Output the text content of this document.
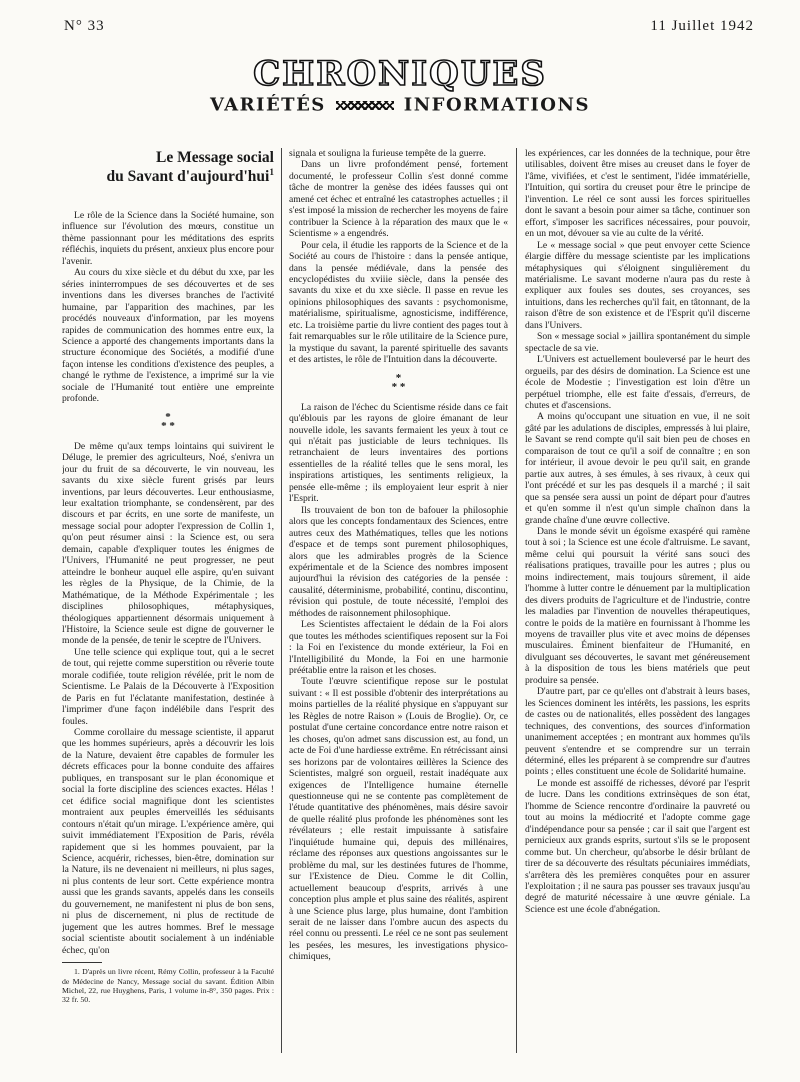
N° 33	11 Juillet 1942
CHRONIQUES
VARIÉTÉS	INFORMATIONS
Le Message social
du Savant d'aujourd'hui$^1$

Le rôle de la Science dans la Société humaine, son influence sur l'évolution des mœurs, constitue un thème passionnant pour les méditations des esprits réfléchis, inquiets du présent, anxieux plus encore pour l'avenir.

Au cours du xixe siècle et du début du xxe, par les séries ininterrompues de ses découvertes et de ses inventions dans les diverses branches de l'activité humaine, par l'apparition des machines, par les procédés nouveaux d'information, par les moyens rapides de communication des hommes entre eux, la Science a apporté des changements importants dans la structure économique des Sociétés, a modifié d'une façon intense les conditions d'existence des peuples, a changé le rythme de l'existence, a imprimé sur la vie sociale de l'Humanité tout entière une empreinte profonde.

*
* *

De même qu'aux temps lointains qui suivirent le Déluge, le premier des agriculteurs, Noé, s'enivra un jour du fruit de sa découverte, le vin nouveau, les savants du xixe siècle furent grisés par leurs inventions, par leurs découvertes. Leur enthousiasme, leur exaltation triomphante, se condensèrent, par des discours et par écrits, en une sorte de manifeste, un message social pour adopter l'expression de Collin 1, qu'on peut résumer ainsi : la Science est, ou sera demain, capable d'expliquer toutes les énigmes de l'Univers, l'Humanité ne peut progresser, ne peut atteindre le bonheur auquel elle aspire, qu'en suivant les règles de la Physique, de la Chimie, de la Mathématique, de la Méthode Expérimentale ; les disciplines philosophiques, métaphysiques, théologiques appartiennent désormais uniquement à l'Histoire, la Science seule est digne de gouverner le monde de la pensée, de tenir le sceptre de l'Univers.

Une telle science qui explique tout, qui a le secret de tout, qui rejette comme superstition ou rêverie toute morale codifiée, toute religion révélée, prit le nom de Scientisme. Le Palais de la Découverte à l'Exposition de Paris en fut l'éclatante manifestation, destinée à l'imprimer d'une façon indélébile dans l'esprit des foules.

Comme corollaire du message scientiste, il apparut que les hommes supérieurs, après a découvrir les lois de la Nature, devaient être capables de formuler les décrets efficaces pour la bonne conduite des affaires publiques, en transposant sur le plan économique et social la forte discipline des sciences exactes. Hélas ! cet édifice social magnifique dont les scientistes montraient aux peuples émerveillés les séduisants contours n'était qu'un mirage. L'expérience amère, qui suivit immédiatement l'Exposition de Paris, révéla rapidement que si les hommes pouvaient, par la Science, acquérir, richesses, bien-être, domination sur la Nature, ils ne devenaient ni meilleurs, ni plus sages, ni plus contents de leur sort. Cette expérience montra aussi que les grands savants, appelés dans les conseils du gouvernement, ne manifestent ni plus de bon sens, ni plus de discernement, ni plus de rectitude de jugement que les autres hommes. Bref le message social scientiste aboutit socialement à un indéniable échec, qu'on

1. D'après un livre récent, Rémy Collin, professeur à la Faculté de Médecine de Nancy, Message social du savant. Édition Albin Michel, 22, rue Huyghens, Paris, 1 volume in-8°, 350 pages. Prix : 32 fr. 50.

signala et souligna la furieuse tempête de la guerre.

Dans un livre profondément pensé, fortement documenté, le professeur Collin s'est donné comme tâche de montrer la genèse des idées fausses qui ont amené cet échec et entraîné les catastrophes actuelles ; il s'est imposé la mission de rechercher les moyens de faire contribuer la Science à la réparation des maux que le « Scientisme » a engendrés.

Pour cela, il étudie les rapports de la Science et de la Société au cours de l'histoire : dans la pensée antique, dans la pensée médiévale, dans la pensée des encyclopédistes du xviiie siècle, dans la pensée des savants du xixe et du xxe siècle. Il passe en revue les opinions philosophiques des savants : psychomonisme, matérialisme, spiritualisme, agnosticisme, indifférence, etc. La troisième partie du livre contient des pages tout à fait remarquables sur le rôle utilitaire de la Science pure, la mystique du savant, la parenté spirituelle des savants et des artistes, le rôle de l'Intuition dans la découverte.

*
* *

La raison de l'échec du Scientisme réside dans ce fait qu'éblouis par les rayons de gloire émanant de leur nouvelle idole, les savants fermaient les yeux à tout ce qui n'était pas justiciable de leurs techniques. Ils retranchaient de leurs inventaires des portions essentielles de la réalité telles que le sens moral, les inspirations artistiques, les sentiments religieux, la pensée elle-même ; ils employaient leur esprit à nier l'Esprit.

Ils trouvaient de bon ton de bafouer la philosophie alors que les concepts fondamentaux des Sciences, entre autres ceux des Mathématiques, telles que les notions d'espace et de temps sont purement philosophiques, alors que les admirables progrès de la Science expérimentale et de la Science des nombres imposent aujourd'hui la révision des catégories de la pensée : causalité, déterminisme, probabilité, continu, discontinu, révision qui postule, de toute nécessité, l'emploi des méthodes de raisonnement philosophique.

Les Scientistes affectaient le dédain de la Foi alors que toutes les méthodes scientifiques reposent sur la Foi : la Foi en l'existence du monde extérieur, la Foi en l'Intelligibilité du Monde, la Foi en une harmonie préétablie entre la raison et les choses.

Toute l'œuvre scientifique repose sur le postulat suivant : « Il est possible d'obtenir des interprétations au moins partielles de la réalité physique en s'appuyant sur les Règles de notre Raison » (Louis de Broglie). Or, ce postulat d'une certaine concordance entre notre raison et les choses, qu'on admet sans discussion est, au fond, un acte de Foi d'une hardiesse extrême. En rétrécissant ainsi ses horizons par de volontaires œillères la Science des Scientistes, malgré son orgueil, restait inadéquate aux exigences de l'Intelligence humaine éternelle questionneuse qui ne se contente pas complètement de l'étude quantitative des phénomènes, mais désire savoir de quelle réalité plus profonde les phénomènes sont les révélateurs ; elle restait impuissante à satisfaire l'inquiétude humaine qui, depuis des millénaires, réclame des réponses aux questions angoissantes sur le problème du mal, sur les destinées futures de l'homme, sur l'Existence de Dieu. Comme le dit Collin, actuellement beaucoup d'esprits, arrivés à une conception plus ample et plus saine des réalités, aspirent à une Science plus large, plus humaine, dont l'ambition serait de ne laisser dans l'ombre aucun des aspects du réel connu ou pressenti. Le réel ce ne sont pas seulement les pesées, les mesures, les investigations physico-chimiques,

les expériences, car les données de la technique, pour être utilisables, doivent être mises au creuset dans le foyer de l'âme, vivifiées, et c'est le sentiment, l'idée immatérielle, l'Intuition, qui sortira du creuset pour être le principe de l'invention. Le réel ce sont aussi les forces spirituelles dont le savant a besoin pour aimer sa tâche, continuer son effort, s'imposer les sacrifices nécessaires, pour pouvoir, en un mot, dévouer sa vie au culte de la vérité.

Le « message social » que peut envoyer cette Science élargie diffère du message scientiste par les implications métaphysiques qui s'éloignent singulièrement du matérialisme. Le savant moderne n'aura pas du reste à expliquer aux foules ses doutes, ses croyances, ses intuitions, dans les recherches qu'il fait, en tâtonnant, de la raison d'être de son existence et de l'Esprit qu'il discerne dans l'Univers.

Son « message social » jaillira spontanément du simple spectacle de sa vie.

L'Univers est actuellement bouleversé par le heurt des orgueils, par des désirs de domination. La Science est une école de Modestie ; l'investigation est loin d'être un perpétuel triomphe, elle est faite d'essais, d'erreurs, de chutes et d'ascensions.

A moins qu'occupant une situation en vue, il ne soit gâté par les adulations de disciples, empressés à lui plaire, le Savant se rend compte qu'il sait bien peu de choses en comparaison de tout ce qu'il a soif de connaître ; en son for intérieur, il avoue devoir le peu qu'il sait, en grande partie aux autres, à ses émules, à ses rivaux, à ceux qui l'ont précédé et sur les pas desquels il a marché ; il sait que sa pensée sera aussi un point de départ pour d'autres et qu'en somme il n'est qu'un simple chaînon dans la grande chaîne d'une œuvre collective.

Dans le monde sévit un égoïsme exaspéré qui ramène tout à soi ; la Science est une école d'altruisme. Le savant, même celui qui poursuit la vérité sans souci des réalisations pratiques, travaille pour les autres ; plus ou moins indirectement, mais toujours sûrement, il aide l'homme à lutter contre le dénuement par la multiplication des divers produits de l'agriculture et de l'industrie, contre les maladies par l'invention de nouvelles thérapeutiques, contre le poids de la matière en fournissant à l'homme les moyens de travailler plus vite et avec moins de dépenses musculaires. Éminent bienfaiteur de l'Humanité, en divulguant ses découvertes, le savant met généreusement à la disposition de tous les biens matériels que peut produire sa pensée.

D'autre part, par ce qu'elles ont d'abstrait à leurs bases, les Sciences dominent les intérêts, les passions, les esprits de castes ou de nationalités, elles possèdent des langages techniques, des conventions, des sources d'information unanimement acceptées ; en montrant aux hommes qu'ils peuvent s'entendre et se comprendre sur un terrain déterminé, elles les préparent à se comprendre sur d'autres points ; elles constituent une école de Solidarité humaine.

Le monde est assoiffé de richesses, dévoré par l'esprit de lucre. Dans les conditions extrinsèques de son état, l'homme de Science rencontre d'ordinaire la pauvreté ou tout au moins la médiocrité et l'adopte comme gage d'indépendance pour sa pensée ; car il sait que l'argent est pernicieux aux grands esprits, surtout s'ils se le proposent comme but. Un chercheur, qu'absorbe le désir brûlant de tirer de sa découverte des résultats pécuniaires immédiats, s'arrêtera dès les premières conquêtes pour en assurer l'exploitation ; il ne saura pas pousser ses travaux jusqu'au degré de maturité nécessaire à une œuvre géniale. La Science est une école d'abnégation.
